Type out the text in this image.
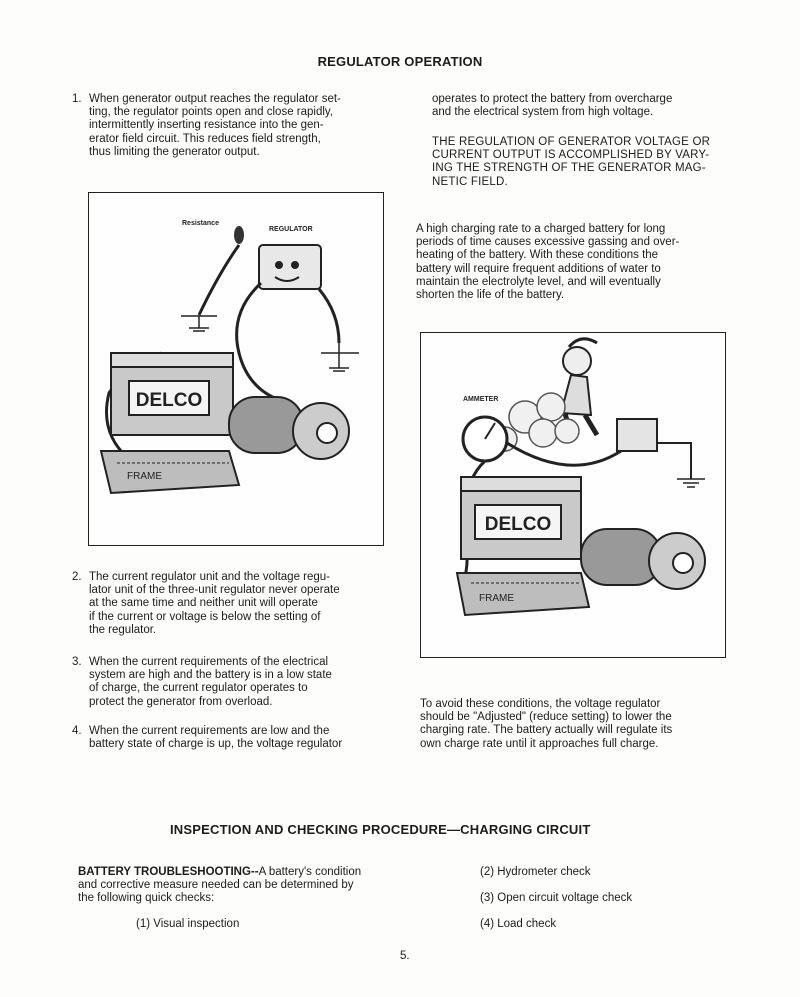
REGULATOR OPERATION
1. When generator output reaches the regulator set-
ting, the regulator points open and close rapidly,
intermittently inserting resistance into the gen-
erator field circuit. This reduces field strength,
thus limiting the generator output.
operates to protect the battery from overcharge
and the electrical system from high voltage.
THE REGULATION OF GENERATOR VOLTAGE OR
CURRENT OUTPUT IS ACCOMPLISHED BY VARY-
ING THE STRENGTH OF THE GENERATOR MAG-
NETIC FIELD.
Resistance
REGULATOR
DELCO
FRAME
A high charging rate to a charged battery for long
periods of time causes excessive gassing and over-
heating of the battery. With these conditions the
battery will require frequent additions of water to
maintain the electrolyte level, and will eventually
shorten the life of the battery.
AMMETER
DELCO
FRAME
2. The current regulator unit and the voltage regu-
lator unit of the three-unit regulator never operate
at the same time and neither unit will operate
if the current or voltage is below the setting of
the regulator.
3. When the current requirements of the electrical
system are high and the battery is in a low state
of charge, the current regulator operates to
protect the generator from overload.
4. When the current requirements are low and the
battery state of charge is up, the voltage regulator
To avoid these conditions, the voltage regulator
should be "Adjusted" (reduce setting) to lower the
charging rate. The battery actually will regulate its
own charge rate until it approaches full charge.
INSPECTION AND CHECKING PROCEDURE—CHARGING CIRCUIT
BATTERY TROUBLESHOOTING--A battery's condition
and corrective measure needed can be determined by
the following quick checks:
(1) Visual inspection
(2) Hydrometer check
(3) Open circuit voltage check
(4) Load check
5.
